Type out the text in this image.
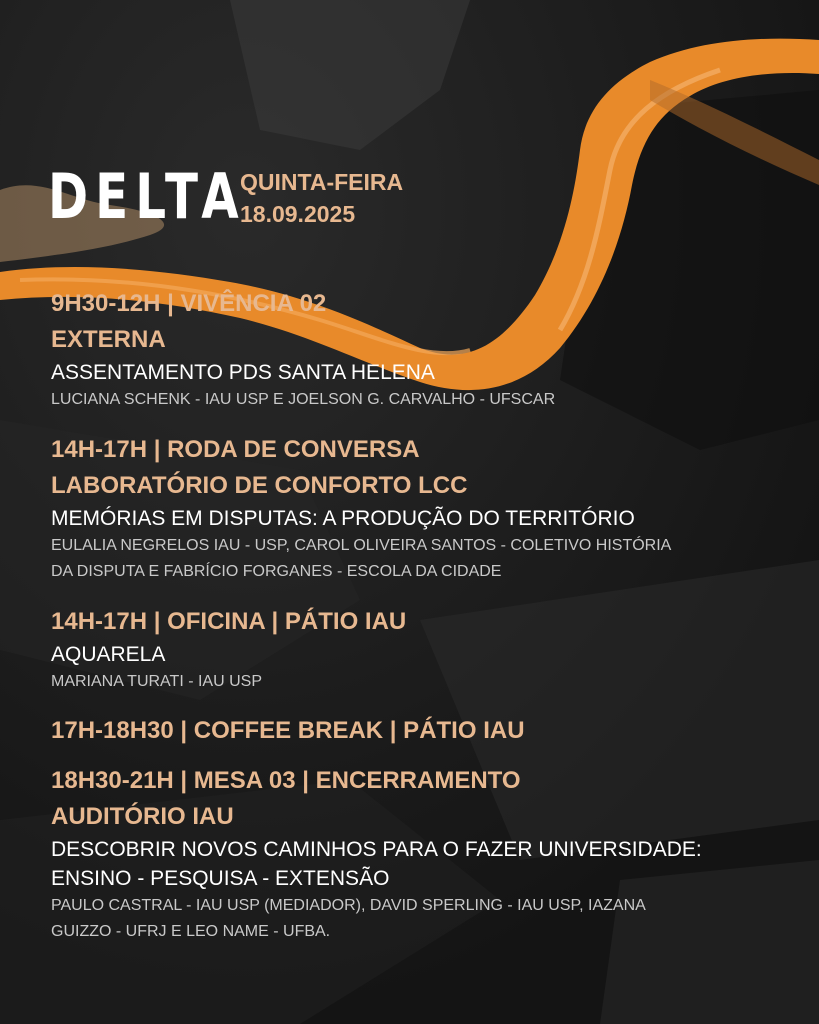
DELTA
QUINTA-FEIRA
18.09.2025
9H30-12H | VIVÊNCIA 02
EXTERNA
ASSENTAMENTO PDS SANTA HELENA
LUCIANA SCHENK - IAU USP E JOELSON G. CARVALHO - UFSCAR
14H-17H | RODA DE CONVERSA
LABORATÓRIO DE CONFORTO LCC
MEMÓRIAS EM DISPUTAS: A PRODUÇÃO DO TERRITÓRIO
EULALIA NEGRELOS IAU - USP, CAROL OLIVEIRA SANTOS - COLETIVO HISTÓRIA
DA DISPUTA E FABRÍCIO FORGANES - ESCOLA DA CIDADE
14H-17H | OFICINA | PÁTIO IAU
AQUARELA
MARIANA TURATI - IAU USP
17H-18H30 | COFFEE BREAK | PÁTIO IAU
18H30-21H | MESA 03 | ENCERRAMENTO
AUDITÓRIO IAU
DESCOBRIR NOVOS CAMINHOS PARA O FAZER UNIVERSIDADE:
ENSINO - PESQUISA - EXTENSÃO
PAULO CASTRAL - IAU USP (MEDIADOR), DAVID SPERLING - IAU USP, IAZANA
GUIZZO - UFRJ E LEO NAME - UFBA.
